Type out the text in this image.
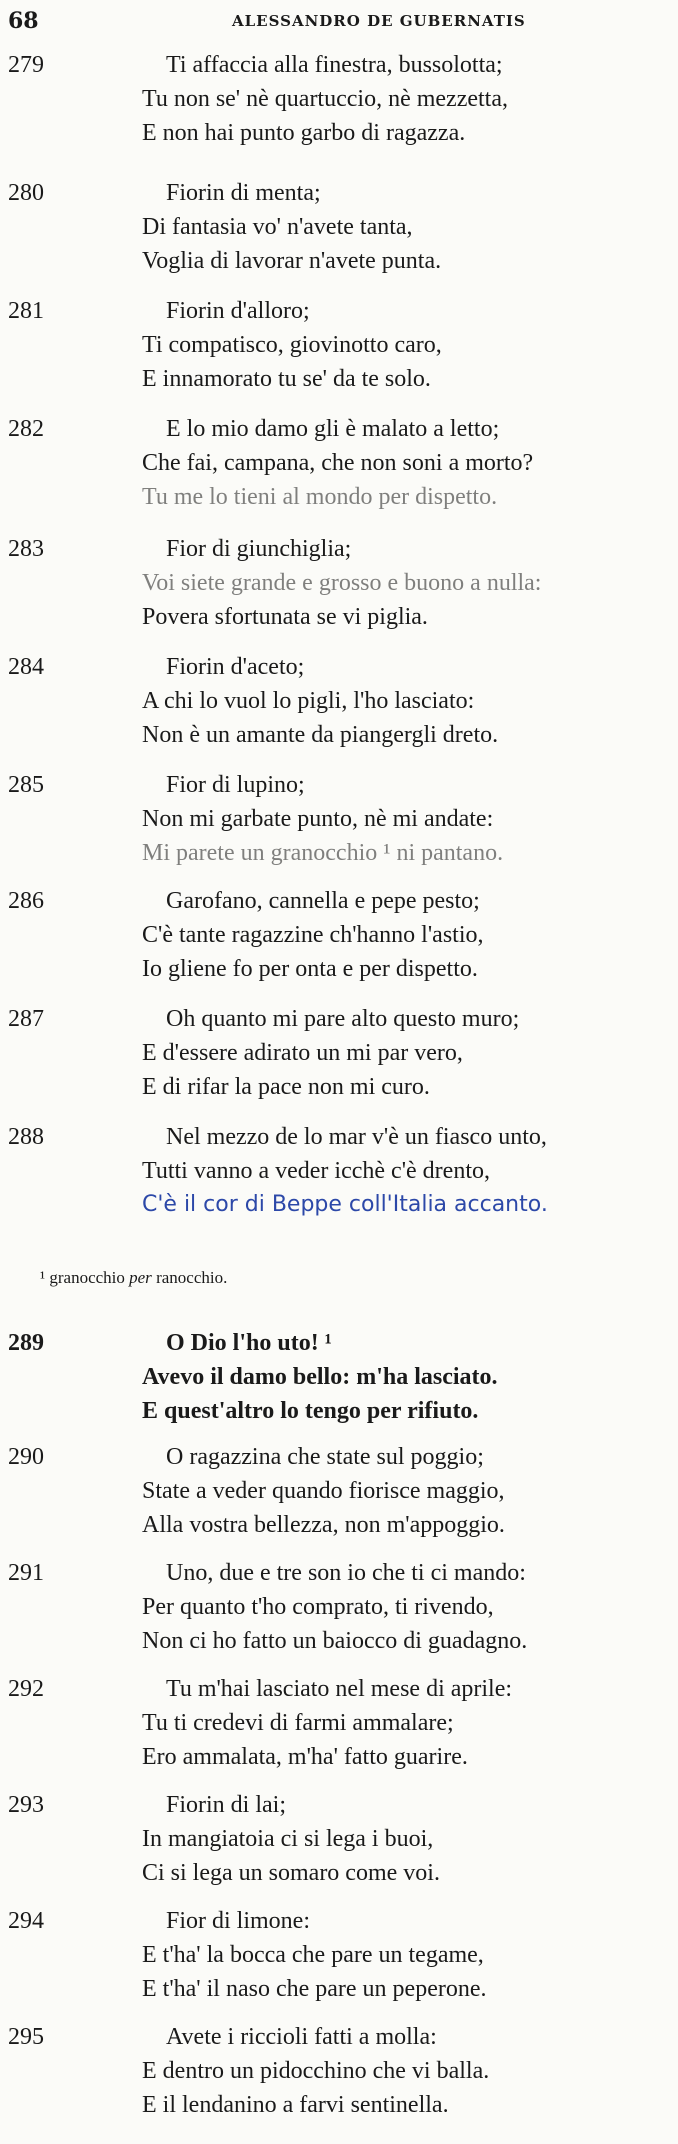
68	ALESSANDRO DE GUBERNATIS
279	Ti affaccia alla finestra, bussolotta;
Tu non se' nè quartuccio, nè mezzetta,
E non hai punto garbo di ragazza.
280	Fiorin di menta;
Di fantasia vo' n'avete tanta,
Voglia di lavorar n'avete punta.
281	Fiorin d'alloro;
Ti compatisco, giovinotto caro,
E innamorato tu se' da te solo.
282	E lo mio damo gli è malato a letto;
Che fai, campana, che non soni a morto?
Tu me lo tieni al mondo per dispetto.
283	Fior di giunchiglia;
Voi siete grande e grosso e buono a nulla:
Povera sfortunata se vi piglia.
284	Fiorin d'aceto;
A chi lo vuol lo pigli, l'ho lasciato:
Non è un amante da piangergli dreto.
285	Fior di lupino;
Non mi garbate punto, nè mi andate:
Mi parete un granocchio ¹ ni pantano.
286	Garofano, cannella e pepe pesto;
C'è tante ragazzine ch'hanno l'astio,
Io gliene fo per onta e per dispetto.
287	Oh quanto mi pare alto questo muro;
E d'essere adirato un mi par vero,
E di rifar la pace non mi curo.
288	Nel mezzo de lo mar v'è un fiasco unto,
Tutti vanno a veder icchè c'è drento,
C'è il cor di Beppe coll'Italia accanto.
¹ granocchio per ranocchio.
289	O Dio l'ho uto! ¹
Avevo il damo bello: m'ha lasciato.
E quest'altro lo tengo per rifiuto.
290	O ragazzina che state sul poggio;
State a veder quando fiorisce maggio,
Alla vostra bellezza, non m'appoggio.
291	Uno, due e tre son io che ti ci mando:
Per quanto t'ho comprato, ti rivendo,
Non ci ho fatto un baiocco di guadagno.
292	Tu m'hai lasciato nel mese di aprile:
Tu ti credevi di farmi ammalare;
Ero ammalata, m'ha' fatto guarire.
293	Fiorin di lai;
In mangiatoia ci si lega i buoi,
Ci si lega un somaro come voi.
294	Fior di limone:
E t'ha' la bocca che pare un tegame,
E t'ha' il naso che pare un peperone.
295	Avete i riccioli fatti a molla:
E dentro un pidocchino che vi balla.
E il lendanino a farvi sentinella.
